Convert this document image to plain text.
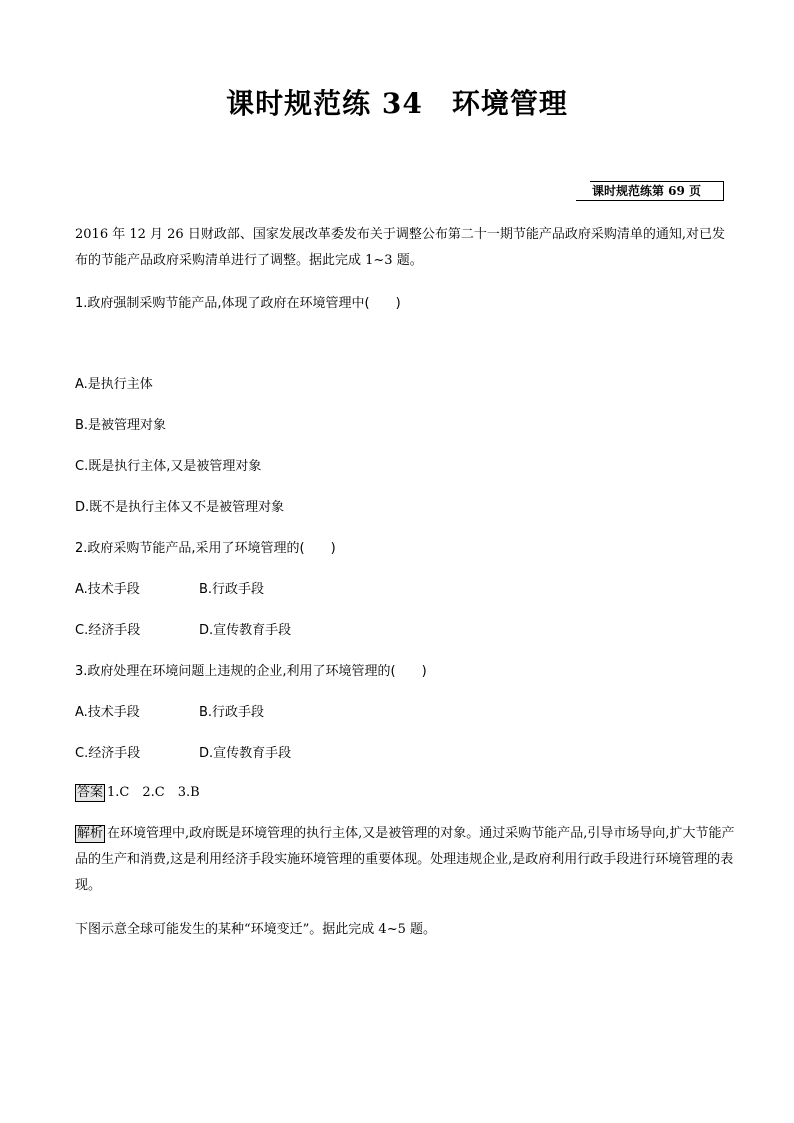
课时规范练 34　环境管理
课时规范练第 69 页
2016 年 12 月 26 日财政部、国家发展改革委发布关于调整公布第二十一期节能产品政府采购清单的通知,对已发布的节能产品政府采购清单进行了调整。据此完成 1~3 题。
1.政府强制采购节能产品,体现了政府在环境管理中(　　)
A.是执行主体
B.是被管理对象
C.既是执行主体,又是被管理对象
D.既不是执行主体又不是被管理对象
2.政府采购节能产品,采用了环境管理的(　　)
A.技术手段	B.行政手段
C.经济手段	D.宣传教育手段
3.政府处理在环境问题上违规的企业,利用了环境管理的(　　)
A.技术手段	B.行政手段
C.经济手段	D.宣传教育手段
答案 1.C　2.C　3.B
解析 在环境管理中,政府既是环境管理的执行主体,又是被管理的对象。通过采购节能产品,引导市场导向,扩大节能产品的生产和消费,这是利用经济手段实施环境管理的重要体现。处理违规企业,是政府利用行政手段进行环境管理的表现。
下图示意全球可能发生的某种“环境变迁”。据此完成 4~5 题。
